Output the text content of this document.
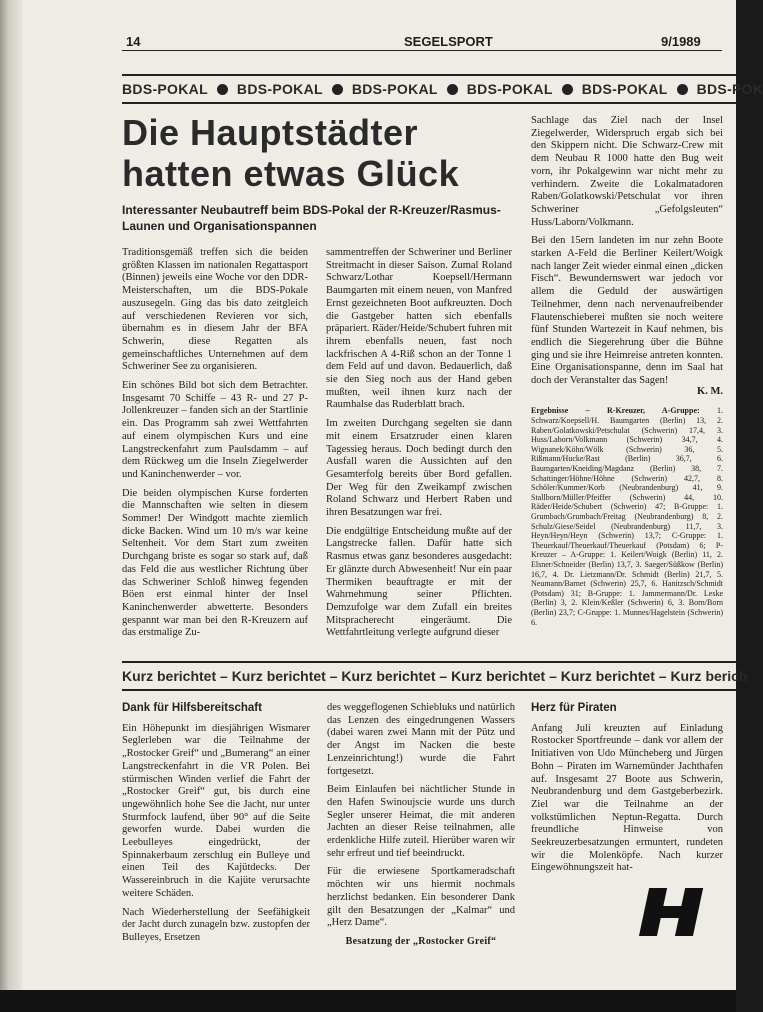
14	SEGELSPORT	9/1989
BDS-POKAL BDS-POKAL BDS-POKAL BDS-POKAL BDS-POKAL BDS-POK
Die Hauptstädter
hatten etwas Glück

Interessanter Neubautreff beim BDS-Pokal der R-Kreuzer/Rasmus-Launen und Organisationspannen

Traditionsgemäß treffen sich die beiden größten Klassen im nationalen Regattasport (Binnen) jeweils eine Woche vor den DDR-Meisterschaften, um die BDS-Pokale auszusegeln. Ging das bis dato zeitgleich auf verschiedenen Revieren vor sich, übernahm es in diesem Jahr der BFA Schwerin, diese Regatten als gemeinschaftliches Unternehmen auf dem Schweriner See zu organisieren.

Ein schönes Bild bot sich dem Betrachter. Insgesamt 70 Schiffe – 43 R- und 27 P-Jollenkreuzer – fanden sich an der Startlinie ein. Das Programm sah zwei Wettfahrten auf einem olympischen Kurs und eine Langstreckenfahrt zum Paulsdamm – auf dem Rückweg um die Inseln Ziegelwerder und Kaninchenwerder – vor.

Die beiden olympischen Kurse forderten die Mannschaften wie selten in diesem Sommer! Der Windgott machte ziemlich dicke Backen. Wind um 10 m/s war keine Seltenheit. Vor dem Start zum zweiten Durchgang briste es sogar so stark auf, daß das Feld die aus westlicher Richtung über das Schweriner Schloß hinweg fegenden Böen erst einmal hinter der Insel Kaninchenwerder abwetterte. Besonders gespannt war man bei den R-Kreuzern auf das erstmalige Zu-

sammentreffen der Schweriner und Berliner Streitmacht in dieser Saison. Zumal Roland Schwarz/Lothar Koepsell/Hermann Baumgarten mit einem neuen, von Manfred Ernst gezeichneten Boot aufkreuzten. Doch die Gastgeber hatten sich ebenfalls präpariert. Räder/Heide/Schubert fuhren mit ihrem ebenfalls neuen, fast noch lackfrischen A 4-Riß schon an der Tonne 1 dem Feld auf und davon. Bedauerlich, daß sie den Sieg noch aus der Hand geben mußten, weil ihnen kurz nach der Raumhalse das Ruderblatt brach.

Im zweiten Durchgang segelten sie dann mit einem Ersatzruder einen klaren Tagessieg heraus. Doch bedingt durch den Ausfall waren die Aussichten auf den Gesamterfolg bereits über Bord gefallen. Der Weg für den Zweikampf zwischen Roland Schwarz und Herbert Raben und ihren Besatzungen war frei.

Die endgültige Entscheidung mußte auf der Langstrecke fallen. Dafür hatte sich Rasmus etwas ganz besonderes ausgedacht: Er glänzte durch Abwesenheit! Nur ein paar Thermiken beauftragte er mit der Wahrnehmung seiner Pflichten. Demzufolge war dem Zufall ein breites Mitspracherecht eingeräumt. Die Wettfahrtleitung verlegte aufgrund dieser

Sachlage das Ziel nach der Insel Ziegelwerder, Widerspruch ergab sich bei den Skippern nicht. Die Schwarz-Crew mit dem Neubau R 1000 hatte den Bug weit vorn, ihr Pokalgewinn war nicht mehr zu verhindern. Zweite die Lokalmatadoren Raben/Golatkowski/Petschulat vor ihren Schweriner „Gefolgsleuten“ Huss/Laborn/Volkmann.

Bei den 15ern landeten im nur zehn Boote starken A-Feld die Berliner Keilert/Woigk nach langer Zeit wieder einmal einen „dicken Fisch“. Bewundernswert war jedoch vor allem die Geduld der auswärtigen Teilnehmer, denn nach nervenaufreibender Flautenschieberei mußten sie noch weitere fünf Stunden Wartezeit in Kauf nehmen, bis endlich die Siegerehrung über die Bühne ging und sie ihre Heimreise antreten konnten. Eine Organisationspanne, denn im Saal hat doch der Veranstalter das Sagen!

K. M.
Ergebnisse – R-Kreuzer, A-Gruppe: 1. Schwarz/Koepsell/H. Baumgarten (Berlin) 13, 2. Raben/Golatkowski/Petschulat (Schwerin) 17,4, 3. Huss/Laborn/Volkmann (Schwerin) 34,7, 4. Wignanek/Köhn/Wölk (Schwerin) 36, 5. Rißmann/Hucke/Rast (Berlin) 36,7, 6. Baumgarten/Kneiding/Magdanz (Berlin) 38, 7. Schattinger/Höhne/Höhne (Schwerin) 42,7, 8. Schöler/Kummer/Korb (Neubrandenburg) 41, 9. Stallborn/Müller/Pfeiffer (Schwerin) 44, 10. Räder/Heide/Schubert (Schwerin) 47; B-Gruppe: 1. Grumbach/Grumbach/Freitag (Neubrandenburg) 8, 2. Schulz/Giese/Seidel (Neubrandenburg) 11,7, 3. Heyn/Heyn/Heyn (Schwerin) 13,7; C-Gruppe: 1. Theuerkauf/Theuerkauf/Theuerkauf (Potsdam) 6; P-Kreuzer – A-Gruppe: 1. Keilert/Woigk (Berlin) 11, 2. Elsner/Schneider (Berlin) 13,7, 3. Saeger/Süßkow (Berlin) 16,7, 4. Dr. Lietzmann/Dr. Schmidt (Berlin) 21,7, 5. Neumann/Barnet (Schwerin) 25,7, 6. Hanitzsch/Schmidt (Potsdam) 31; B-Gruppe: 1. Jammermann/Dr. Leske (Berlin) 3, 2. Klein/Keßler (Schwerin) 6, 3. Born/Born (Berlin) 23,7; C-Gruppe: 1. Munnes/Hagelstein (Schwerin) 6.
Kurz berichtet – Kurz berichtet – Kurz berichtet – Kurz berichtet – Kurz berichtet – Kurz berich
Dank für Hilfsbereitschaft

Ein Höhepunkt im diesjährigen Wismarer Seglerleben war die Teilnahme der „Rostocker Greif“ und „Bumerang“ an einer Langstreckenfahrt in die VR Polen. Bei stürmischen Winden verlief die Fahrt der „Rostocker Greif“ gut, bis durch eine ungewöhnlich hohe See die Jacht, nur unter Sturmfock laufend, über 90° auf die Seite geworfen wurde. Dabei wurden die Leebulleyes eingedrückt, der Spinnakerbaum zerschlug ein Bulleye und einen Teil des Kajütdecks. Der Wassereinbruch in die Kajüte verursachte weitere Schäden.

Nach Wiederherstellung der Seefähigkeit der Jacht durch zunageln bzw. zustopfen der Bulleyes, Ersetzen

des weggeflogenen Schiebluks und natürlich das Lenzen des eingedrungenen Wassers (dabei waren zwei Mann mit der Pütz und der Angst im Nacken die beste Lenzeinrichtung!) wurde die Fahrt fortgesetzt.

Beim Einlaufen bei nächtlicher Stunde in den Hafen Swinoujscie wurde uns durch Segler unserer Heimat, die mit anderen Jachten an dieser Reise teilnahmen, alle erdenkliche Hilfe zuteil. Hierüber waren wir sehr erfreut und tief beeindruckt.

Für die erwiesene Sportkameradschaft möchten wir uns hiermit nochmals herzlichst bedanken. Ein besonderer Dank gilt den Besatzungen der „Kalmar“ und „Herz Dame“.

Besatzung der „Rostocker Greif“
Herz für Piraten

Anfang Juli kreuzten auf Einladung Rostocker Sportfreunde – dank vor allem der Initiativen von Udo Müncheberg und Jürgen Bohn – Piraten im Warnemünder Jachthafen auf. Insgesamt 27 Boote aus Schwerin, Neubrandenburg und dem Gastgeberbezirk. Ziel war die Teilnahme an der volkstümlichen Neptun-Regatta. Durch freundliche Hinweise von Seekreuzerbesatzungen ermuntert, rundeten wir die Molenköpfe. Nach kurzer Eingewöhnungszeit hat-
